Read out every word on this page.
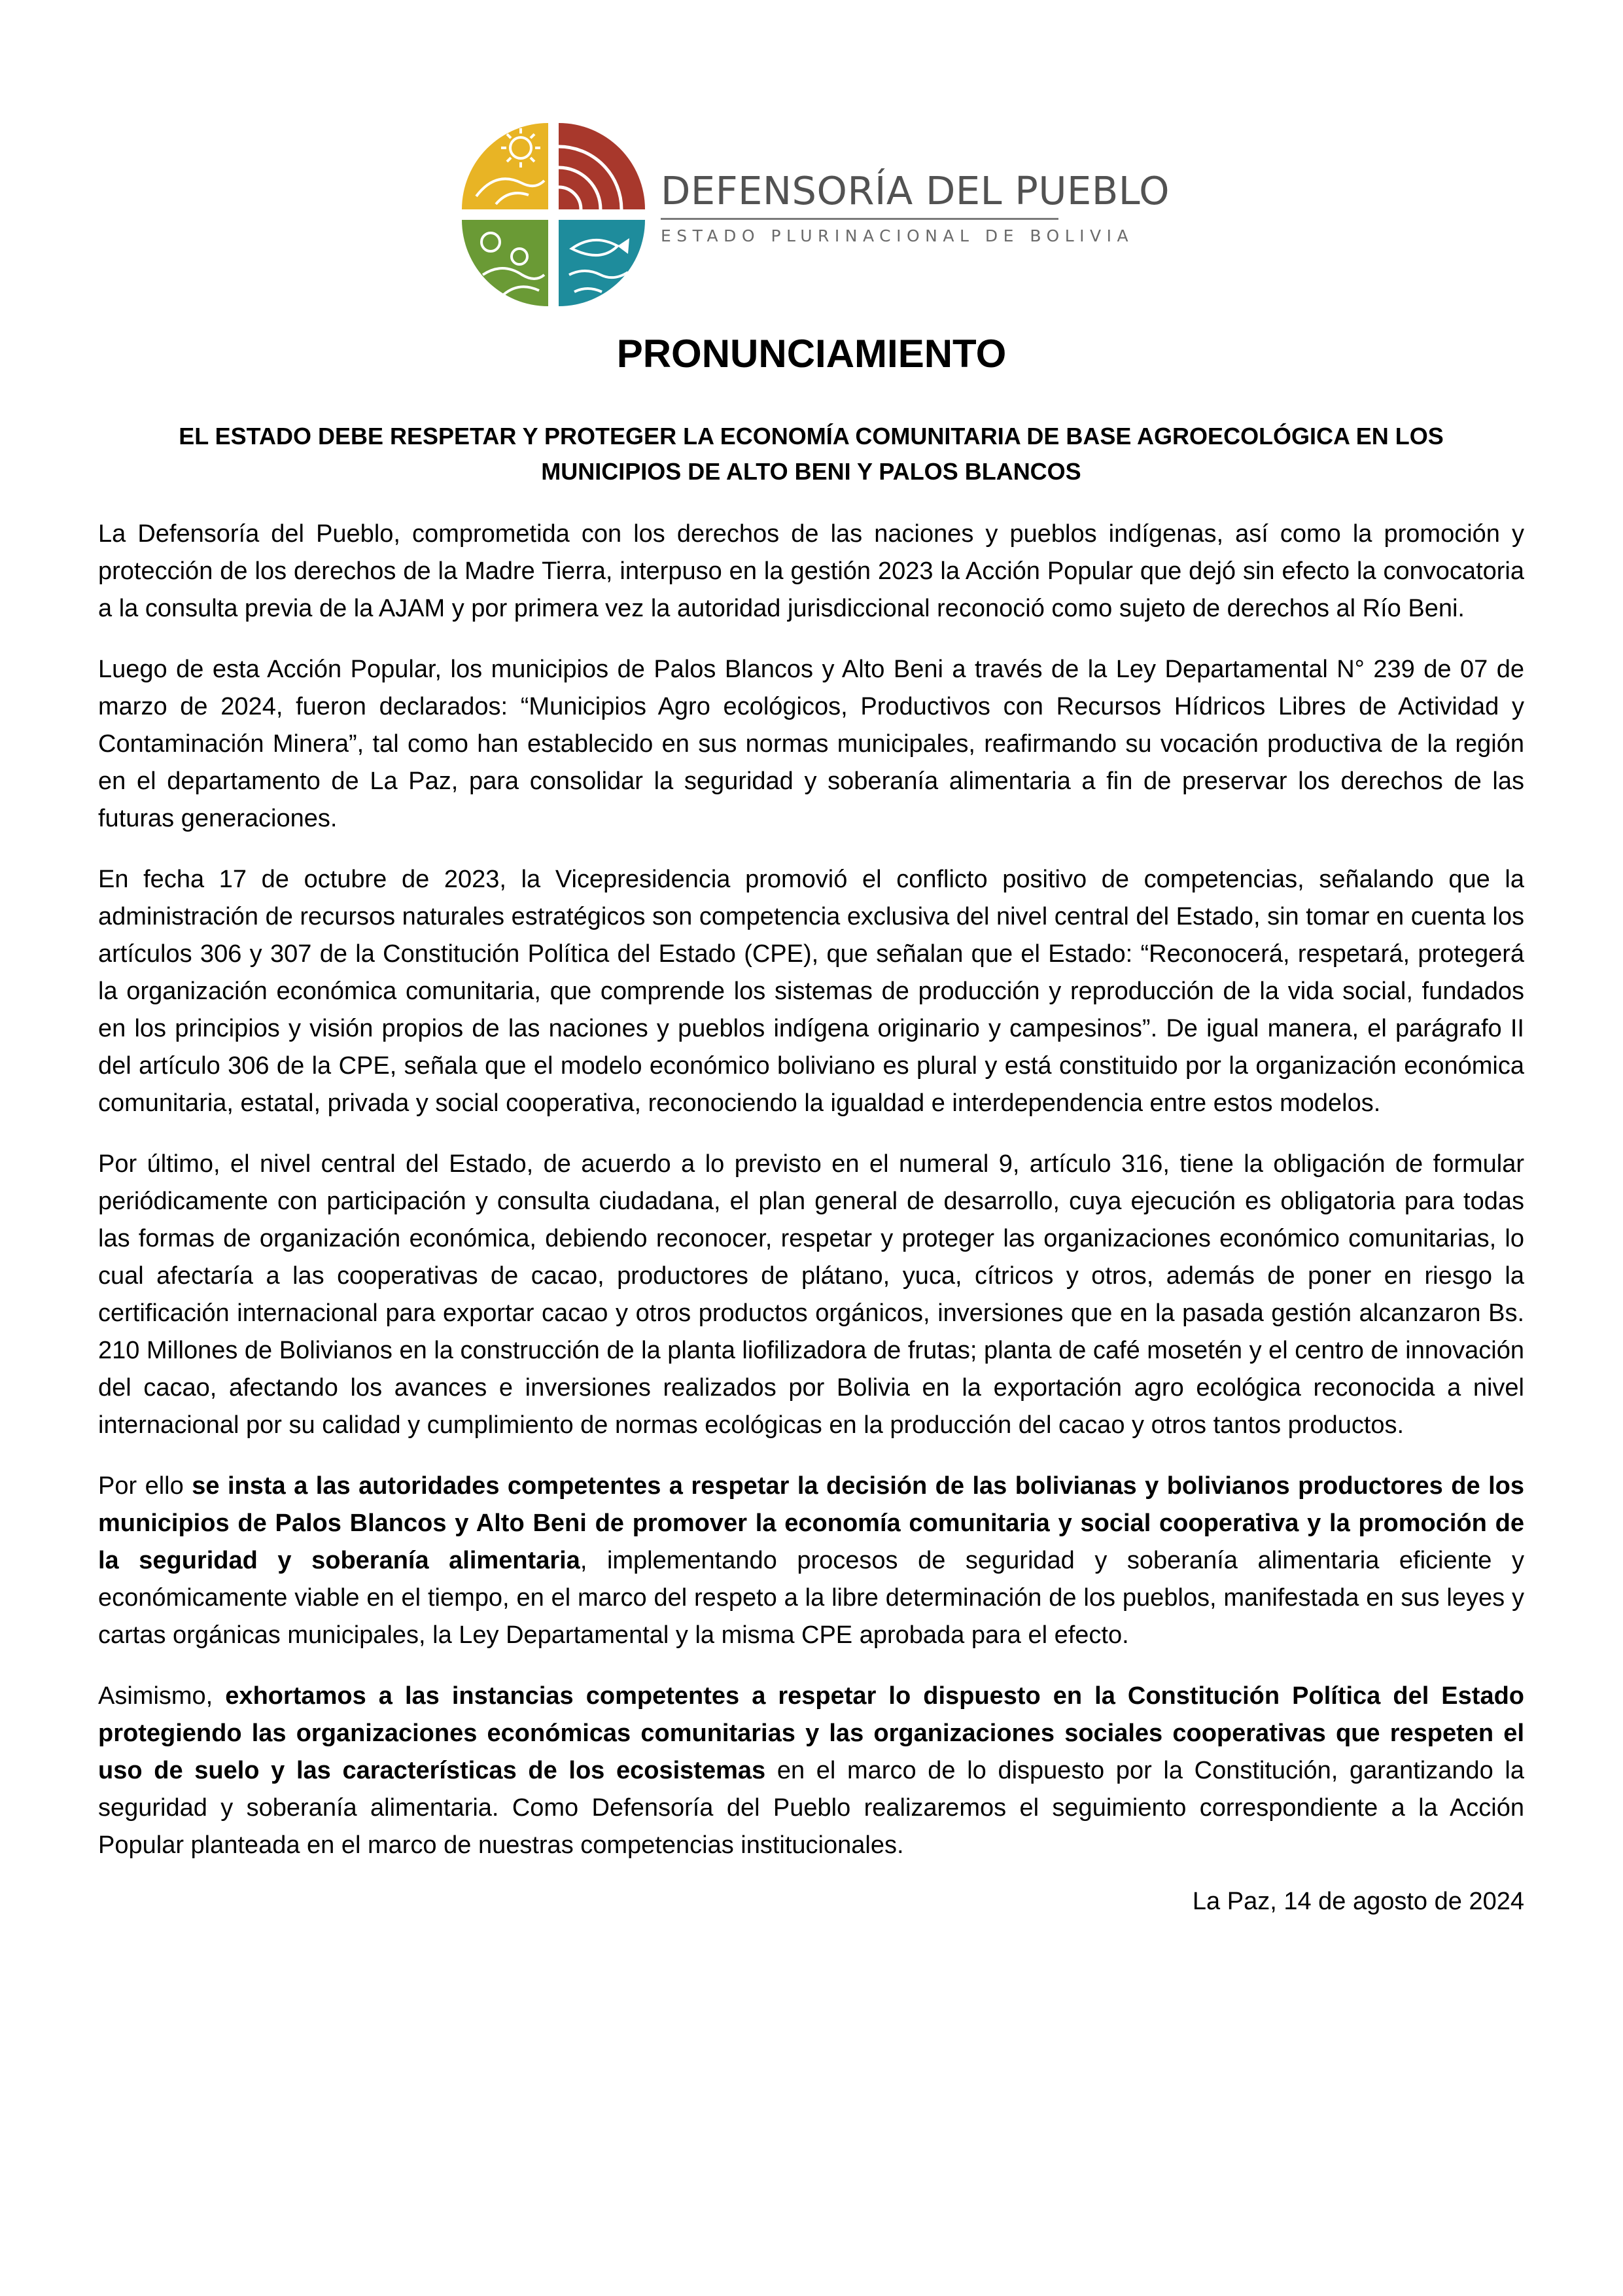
DEFENSORÍA DEL PUEBLO
ESTADO PLURINACIONAL DE BOLIVIA
PRONUNCIAMIENTO
EL ESTADO DEBE RESPETAR Y PROTEGER LA ECONOMÍA COMUNITARIA DE BASE AGROECOLÓGICA EN LOS MUNICIPIOS DE ALTO BENI Y PALOS BLANCOS

La Defensoría del Pueblo, comprometida con los derechos de las naciones y pueblos indígenas, así como la promoción y protección de los derechos de la Madre Tierra, interpuso en la gestión 2023 la Acción Popular que dejó sin efecto la convocatoria a la consulta previa de la AJAM y por primera vez la autoridad jurisdiccional reconoció como sujeto de derechos al Río Beni.

Luego de esta Acción Popular, los municipios de Palos Blancos y Alto Beni a través de la Ley Departamental N° 239 de 07 de marzo de 2024, fueron declarados: “Municipios Agro ecológicos, Productivos con Recursos Hídricos Libres de Actividad y Contaminación Minera”, tal como han establecido en sus normas municipales, reafirmando su vocación productiva de la región en el departamento de La Paz, para consolidar la seguridad y soberanía alimentaria a fin de preservar los derechos de las futuras generaciones.

En fecha 17 de octubre de 2023, la Vicepresidencia promovió el conflicto positivo de competencias, señalando que la administración de recursos naturales estratégicos son competencia exclusiva del nivel central del Estado, sin tomar en cuenta los artículos 306 y 307 de la Constitución Política del Estado (CPE), que señalan que el Estado: “Reconocerá, respetará, protegerá la organización económica comunitaria, que comprende los sistemas de producción y reproducción de la vida social, fundados en los principios y visión propios de las naciones y pueblos indígena originario y campesinos”. De igual manera, el parágrafo II del artículo 306 de la CPE, señala que el modelo económico boliviano es plural y está constituido por la organización económica comunitaria, estatal, privada y social cooperativa, reconociendo la igualdad e interdependencia entre estos modelos.

Por último, el nivel central del Estado, de acuerdo a lo previsto en el numeral 9, artículo 316, tiene la obligación de formular periódicamente con participación y consulta ciudadana, el plan general de desarrollo, cuya ejecución es obligatoria para todas las formas de organización económica, debiendo reconocer, respetar y proteger las organizaciones económico comunitarias, lo cual afectaría a las cooperativas de cacao, productores de plátano, yuca, cítricos y otros, además de poner en riesgo la certificación internacional para exportar cacao y otros productos orgánicos, inversiones que en la pasada gestión alcanzaron Bs. 210 Millones de Bolivianos en la construcción de la planta liofilizadora de frutas; planta de café mosetén y el centro de innovación del cacao, afectando los avances e inversiones realizados por Bolivia en la exportación agro ecológica reconocida a nivel internacional por su calidad y cumplimiento de normas ecológicas en la producción del cacao y otros tantos productos.

Por ello se insta a las autoridades competentes a respetar la decisión de las bolivianas y bolivianos productores de los municipios de Palos Blancos y Alto Beni de promover la economía comunitaria y social cooperativa y la promoción de la seguridad y soberanía alimentaria, implementando procesos de seguridad y soberanía alimentaria eficiente y económicamente viable en el tiempo, en el marco del respeto a la libre determinación de los pueblos, manifestada en sus leyes y cartas orgánicas municipales, la Ley Departamental y la misma CPE aprobada para el efecto.

Asimismo, exhortamos a las instancias competentes a respetar lo dispuesto en la Constitución Política del Estado protegiendo las organizaciones económicas comunitarias y las organizaciones sociales cooperativas que respeten el uso de suelo y las características de los ecosistemas en el marco de lo dispuesto por la Constitución, garantizando la seguridad y soberanía alimentaria. Como Defensoría del Pueblo realizaremos el seguimiento correspondiente a la Acción Popular planteada en el marco de nuestras competencias institucionales.

La Paz, 14 de agosto de 2024
